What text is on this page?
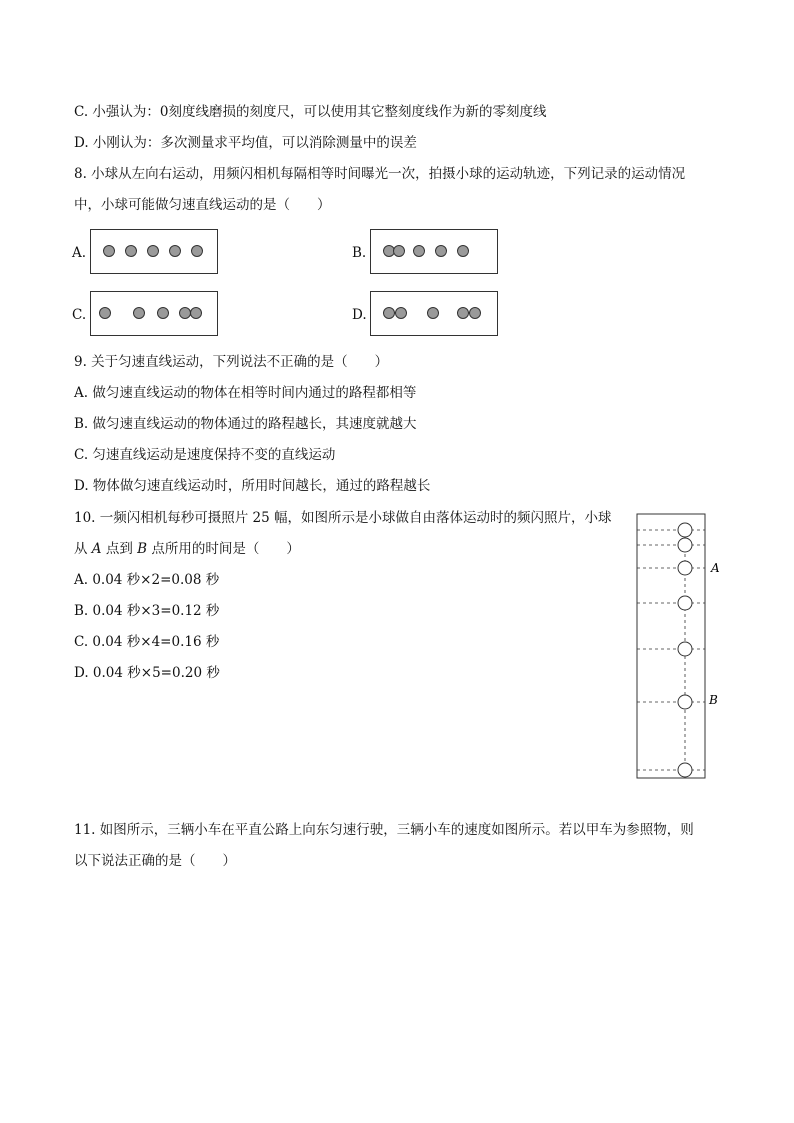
C. 小强认为：0刻度线磨损的刻度尺，可以使用其它整刻度线作为新的零刻度线
D. 小刚认为：多次测量求平均值，可以消除测量中的误差
8. 小球从左向右运动，用频闪相机每隔相等时间曝光一次，拍摄小球的运动轨迹，下列记录的运动情况
中，小球可能做匀速直线运动的是（　　）
A.	B.
C.	D.
9. 关于匀速直线运动，下列说法不正确的是（　　）
A. 做匀速直线运动的物体在相等时间内通过的路程都相等
B. 做匀速直线运动的物体通过的路程越长，其速度就越大
C. 匀速直线运动是速度保持不变的直线运动
D. 物体做匀速直线运动时，所用时间越长，通过的路程越长
10. 一频闪相机每秒可摄照片 25 幅，如图所示是小球做自由落体运动时的频闪照片，小球
从 A 点到 B 点所用的时间是（　　）
A. 0.04 秒×2=0.08 秒
B. 0.04 秒×3=0.12 秒
C. 0.04 秒×4=0.16 秒
D. 0.04 秒×5=0.20 秒
A
B
11. 如图所示，三辆小车在平直公路上向东匀速行驶，三辆小车的速度如图所示。若以甲车为参照物，则
以下说法正确的是（　　）
